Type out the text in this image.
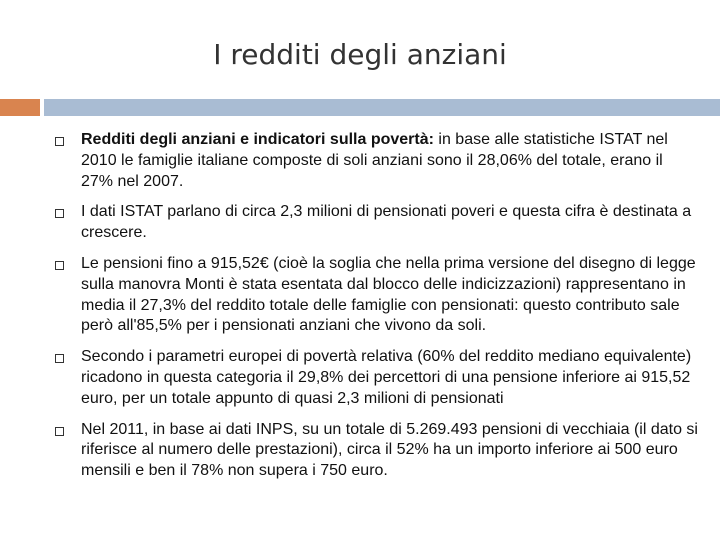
I redditi degli anziani
Redditi degli anziani e indicatori sulla povertà: in base alle statistiche ISTAT nel 2010 le famiglie italiane composte di soli anziani sono il 28,06% del totale, erano il 27% nel 2007.
I dati ISTAT parlano di circa 2,3 milioni di pensionati poveri e questa cifra è destinata a crescere.
Le pensioni fino a 915,52€ (cioè la soglia che nella prima versione del disegno di legge sulla manovra Monti è stata esentata dal blocco delle indicizzazioni) rappresentano in media il 27,3% del reddito totale delle famiglie con pensionati: questo contributo sale però all'85,5% per i pensionati anziani che vivono da soli.
Secondo i parametri europei di povertà relativa (60% del reddito mediano equivalente) ricadono in questa categoria il 29,8% dei percettori di una pensione inferiore ai 915,52 euro, per un totale appunto di quasi 2,3 milioni di pensionati
Nel 2011, in base ai dati INPS, su un totale di 5.269.493 pensioni di vecchiaia (il dato si riferisce al numero delle prestazioni), circa il 52% ha un importo inferiore ai 500 euro mensili e ben il 78% non supera i 750 euro.
